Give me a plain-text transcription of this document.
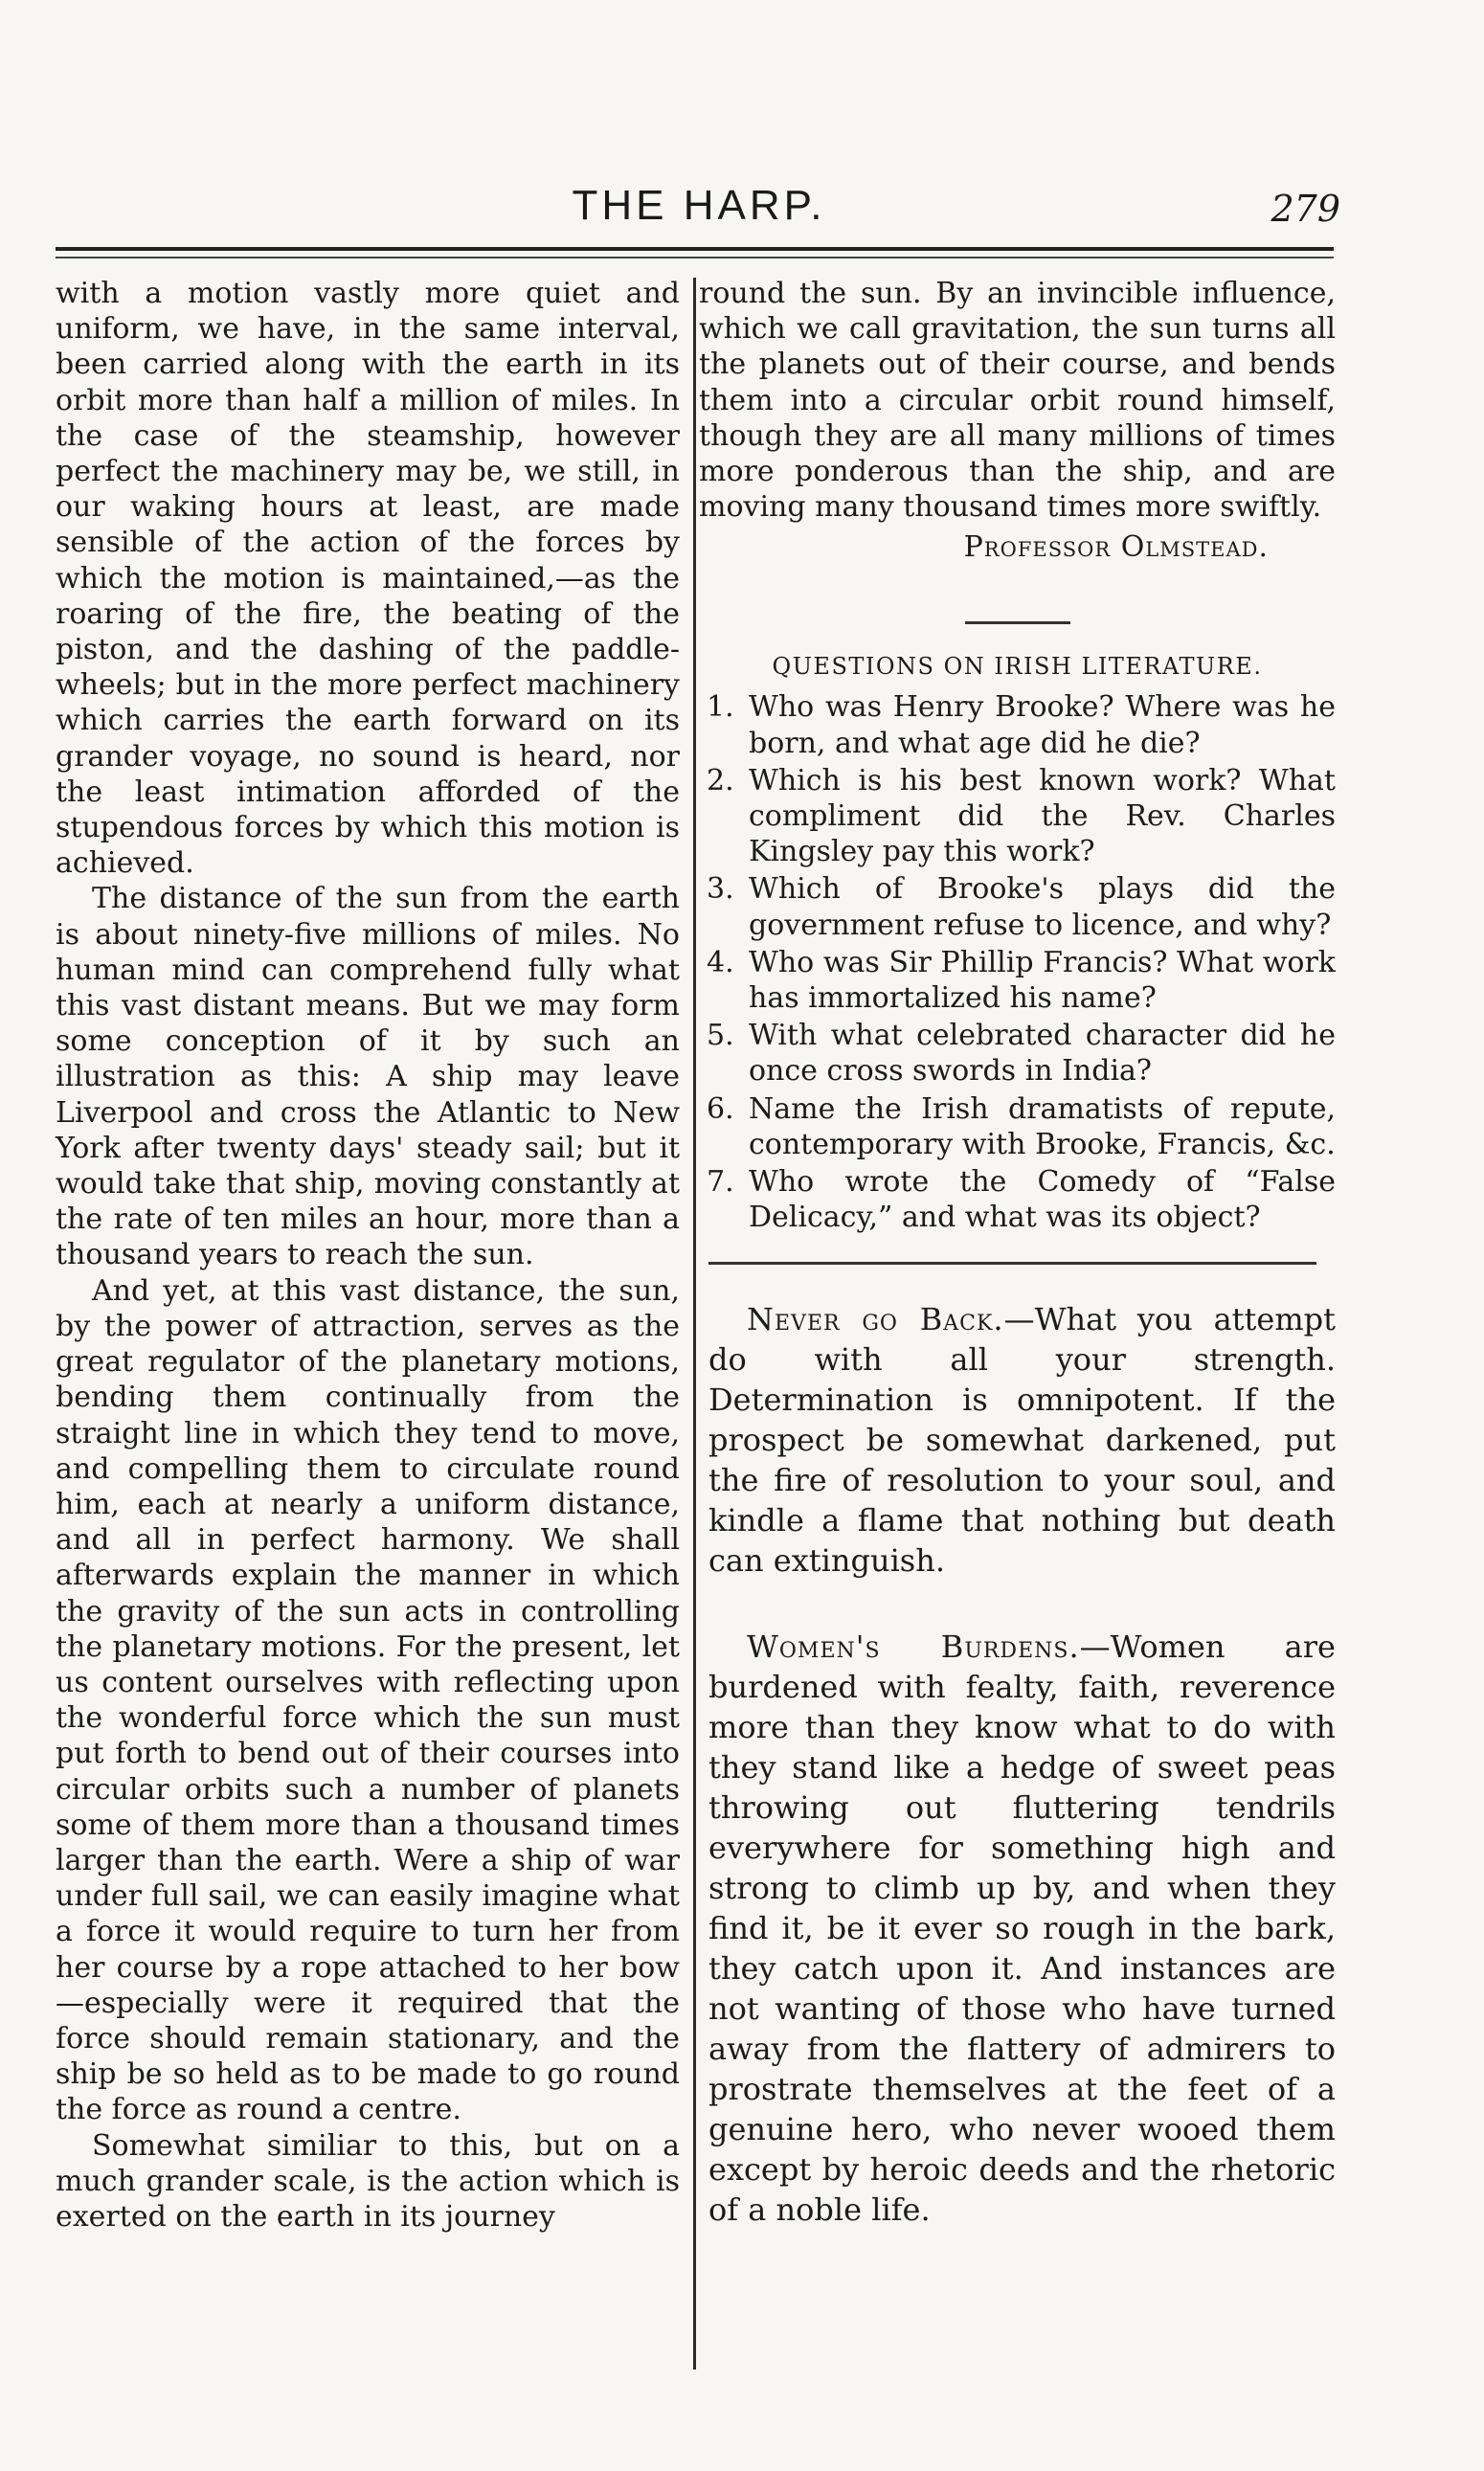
THE HARP.	279

with a motion vastly more quiet and uniform, we have, in the same interval, been carried along with the earth in its orbit more than half a million of miles. In the case of the steamship, however perfect the machinery may be, we still, in our waking hours at least, are made sensible of the action of the forces by which the motion is maintained,—as the roaring of the fire, the beating of the piston, and the dashing of the paddle-wheels; but in the more perfect machinery which carries the earth forward on its grander voyage, no sound is heard, nor the least intimation afforded of the stupendous forces by which this motion is achieved.

The distance of the sun from the earth is about ninety-five millions of miles. No human mind can comprehend fully what this vast distant means. But we may form some conception of it by such an illustration as this: A ship may leave Liverpool and cross the Atlantic to New York after twenty days' steady sail; but it would take that ship, moving constantly at the rate of ten miles an hour, more than a thousand years to reach the sun.

And yet, at this vast distance, the sun, by the power of attraction, serves as the great regulator of the planetary motions, bending them continually from the straight line in which they tend to move, and compelling them to circulate round him, each at nearly a uniform distance, and all in perfect harmony. We shall afterwards explain the manner in which the gravity of the sun acts in controlling the planetary motions. For the present, let us content ourselves with reflecting upon the wonderful force which the sun must put forth to bend out of their courses into circular orbits such a number of planets some of them more than a thousand times larger than the earth. Were a ship of war under full sail, we can easily imagine what a force it would require to turn her from her course by a rope attached to her bow—especially were it required that the force should remain stationary, and the ship be so held as to be made to go round the force as round a centre.

Somewhat similiar to this, but on a much grander scale, is the action which is exerted on the earth in its journey

round the sun. By an invincible influence, which we call gravitation, the sun turns all the planets out of their course, and bends them into a circular orbit round himself, though they are all many millions of times more ponderous than the ship, and are moving many thousand times more swiftly.

Professor Olmstead.

QUESTIONS ON IRISH LITERATURE.

1. Who was Henry Brooke? Where was he born, and what age did he die?
2. Which is his best known work? What compliment did the Rev. Charles Kingsley pay this work?
3. Which of Brooke's plays did the government refuse to licence, and why?
4. Who was Sir Phillip Francis? What work has immortalized his name?
5. With what celebrated character did he once cross swords in India?
6. Name the Irish dramatists of repute, contemporary with Brooke, Francis, &c.
7. Who wrote the Comedy of “False Delicacy,” and what was its object?

Never go Back.—What you attempt do with all your strength. Determination is omnipotent. If the prospect be somewhat darkened, put the fire of resolution to your soul, and kindle a flame that nothing but death can extinguish.

Women's Burdens.—Women are burdened with fealty, faith, reverence more than they know what to do with they stand like a hedge of sweet peas throwing out fluttering tendrils everywhere for something high and strong to climb up by, and when they find it, be it ever so rough in the bark, they catch upon it. And instances are not wanting of those who have turned away from the flattery of admirers to prostrate themselves at the feet of a genuine hero, who never wooed them except by heroic deeds and the rhetoric of a noble life.
